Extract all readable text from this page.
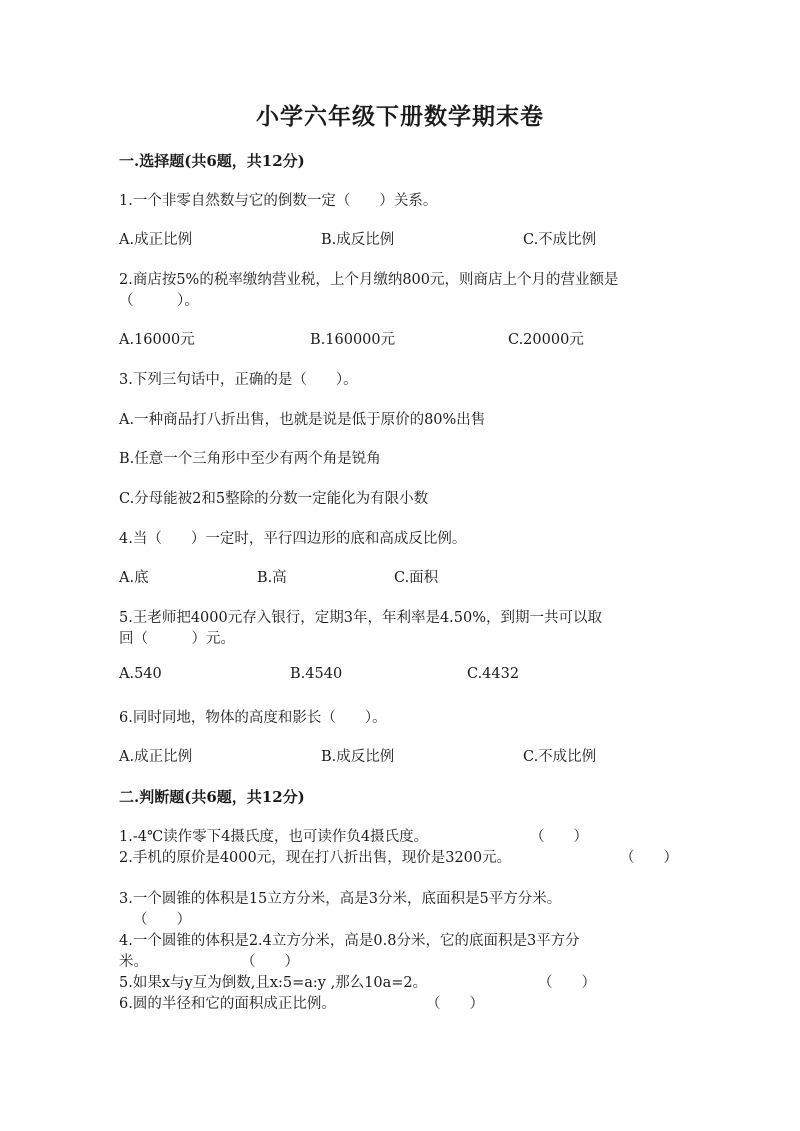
小学六年级下册数学期末卷
一.选择题(共6题，共12分)
1.一个非零自然数与它的倒数一定（　　）关系。
A.成正比例	B.成反比例	C.不成比例
2.商店按5%的税率缴纳营业税，上个月缴纳800元，则商店上个月的营业额是
（　　　）。
A.16000元	B.160000元	C.20000元
3.下列三句话中，正确的是（　　）。
A.一种商品打八折出售，也就是说是低于原价的80%出售
B.任意一个三角形中至少有两个角是锐角
C.分母能被2和5整除的分数一定能化为有限小数
4.当（　　）一定时，平行四边形的底和高成反比例。
A.底	B.高	C.面积
5.王老师把4000元存入银行，定期3年，年利率是4.50%，到期一共可以取
回（　　　）元。
A.540	B.4540	C.4432
6.同时同地，物体的高度和影长（　　）。
A.成正比例	B.成反比例	C.不成比例
二.判断题(共6题，共12分)
1.-4℃读作零下4摄氏度，也可读作负4摄氏度。	（　　）
2.手机的原价是4000元，现在打八折出售，现价是3200元。	（　　）
3.一个圆锥的体积是15立方分米，高是3分米，底面积是5平方分米。
（　　）
4.一个圆锥的体积是2.4立方分米，高是0.8分米，它的底面积是3平方分
米。	（　　）
5.如果x与y互为倒数,且x:5=a:y ,那么10a=2。	（　　）
6.圆的半径和它的面积成正比例。	（　　）
